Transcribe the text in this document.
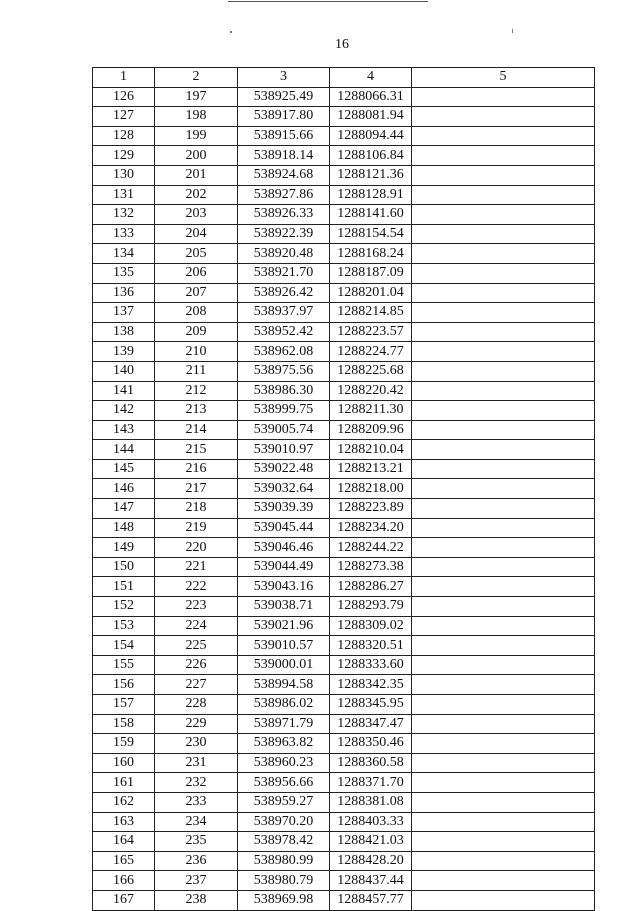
16
1	2	3	4	5
126	197	538925.49	1288066.31	
127	198	538917.80	1288081.94	
128	199	538915.66	1288094.44	
129	200	538918.14	1288106.84	
130	201	538924.68	1288121.36	
131	202	538927.86	1288128.91	
132	203	538926.33	1288141.60	
133	204	538922.39	1288154.54	
134	205	538920.48	1288168.24	
135	206	538921.70	1288187.09	
136	207	538926.42	1288201.04	
137	208	538937.97	1288214.85	
138	209	538952.42	1288223.57	
139	210	538962.08	1288224.77	
140	211	538975.56	1288225.68	
141	212	538986.30	1288220.42	
142	213	538999.75	1288211.30	
143	214	539005.74	1288209.96	
144	215	539010.97	1288210.04	
145	216	539022.48	1288213.21	
146	217	539032.64	1288218.00	
147	218	539039.39	1288223.89	
148	219	539045.44	1288234.20	
149	220	539046.46	1288244.22	
150	221	539044.49	1288273.38	
151	222	539043.16	1288286.27	
152	223	539038.71	1288293.79	
153	224	539021.96	1288309.02	
154	225	539010.57	1288320.51	
155	226	539000.01	1288333.60	
156	227	538994.58	1288342.35	
157	228	538986.02	1288345.95	
158	229	538971.79	1288347.47	
159	230	538963.82	1288350.46	
160	231	538960.23	1288360.58	
161	232	538956.66	1288371.70	
162	233	538959.27	1288381.08	
163	234	538970.20	1288403.33	
164	235	538978.42	1288421.03	
165	236	538980.99	1288428.20	
166	237	538980.79	1288437.44	
167	238	538969.98	1288457.77	
